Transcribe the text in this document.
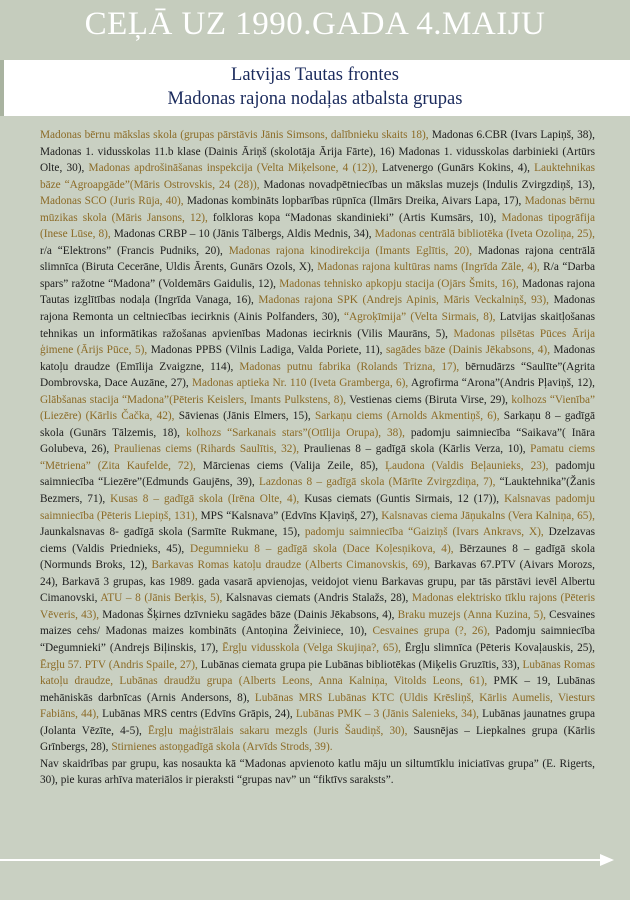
CEĻĀ UZ 1990.GADA 4.MAIJU
Latvijas Tautas frontes
Madonas rajona nodaļas atbalsta grupas

Madonas bērnu mākslas skola (grupas pārstāvis Jānis Simsons, dalībnieku skaits 18), Madonas 6.CBR (Ivars Lapiņš, 38), Madonas 1. vidusskolas 11.b klase (Dainis Āriņš (skolotāja Ārija Fārte), 16) Madonas 1. vidusskolas darbinieki (Artūrs Olte, 30), Madonas apdrošināšanas inspekcija (Velta Miķelsone, 4 (12)), Latvenergo (Gunārs Kokins, 4), Lauktehnikas bāze “Agroapgāde”(Māris Ostrovskis, 24 (28)), Madonas novadpētniecības un mākslas muzejs (Indulis Zvirgzdiņš, 13), Madonas SCO (Juris Rūja, 40), Madonas kombināts lopbarības rūpnīca (Ilmārs Dreika, Aivars Lapa, 17), Madonas bērnu mūzikas skola (Māris Jansons, 12), folkloras kopa “Madonas skandinieki” (Artis Kumsārs, 10), Madonas tipogrāfija (Inese Lūse, 8), Madonas CRBP – 10 (Jānis Tālbergs, Aldis Mednis, 34), Madonas centrālā bibliotēka (Iveta Ozoliņa, 25), r/a “Elektrons” (Francis Pudniks, 20), Madonas rajona kinodirekcija (Imants Eglītis, 20), Madonas rajona centrālā slimnīca (Biruta Cecerāne, Uldis Ārents, Gunārs Ozols, X), Madonas rajona kultūras nams (Ingrīda Zāle, 4), R/a “Darba spars” ražotne “Madona” (Voldemārs Gaidulis, 12), Madonas tehnisko apkopju stacija (Ojārs Šmits, 16), Madonas rajona Tautas izglītības nodaļa (Ingrīda Vanaga, 16), Madonas rajona SPK (Andrejs Apinis, Māris Veckalniņš, 93), Madonas rajona Remonta un celtniecības iecirknis (Ainis Polfanders, 30), “Agroķīmija” (Velta Sirmais, 8), Latvijas skaitļošanas tehnikas un informātikas ražošanas apvienības Madonas iecirknis (Vilis Maurāns, 5), Madonas pilsētas Pūces Ārija ģimene (Ārijs Pūce, 5), Madonas PPBS (Vilnis Ladiga, Valda Poriete, 11), sagādes bāze (Dainis Jēkabsons, 4), Madonas katoļu draudze (Emīlija Zvaigzne, 114), Madonas putnu fabrika (Rolands Trizna, 17), bērnudārzs “Saulīte”(Agrita Dombrovska, Dace Auzāne, 27), Madonas aptieka Nr. 110 (Iveta Gramberga, 6), Agrofirma “Arona”(Andris Pļaviņš, 12), Glābšanas stacija “Madona”(Pēteris Keislers, Imants Pulkstens, 8), Vestienas ciems (Biruta Virse, 29), kolhozs “Vienība” (Liezēre) (Kārlis Čačka, 42), Sāvienas (Jānis Elmers, 15), Sarkaņu ciems (Arnolds Akmentiņš, 6), Sarkaņu 8 – gadīgā skola (Gunārs Tālzemis, 18), kolhozs “Sarkanais stars”(Otīlija Orupa), 38), padomju saimniecība “Saikava”( Ināra Golubeva, 26), Praulienas ciems (Rihards Saulītis, 32), Praulienas 8 – gadīgā skola (Kārlis Verza, 10), Pamatu ciems “Mētriena” (Zita Kaufelde, 72), Mārcienas ciems (Valija Zeile, 85), Ļaudona (Valdis Beļaunieks, 23), padomju saimniecība “Liezēre”(Edmunds Gaujēns, 39), Lazdonas 8 – gadīgā skola (Mārīte Zvirgzdiņa, 7), “Lauktehnika”(Žanis Bezmers, 71), Kusas 8 – gadīgā skola (Irēna Olte, 4), Kusas ciemats (Guntis Sirmais, 12 (17)), Kalsnavas padomju saimniecība (Pēteris Liepiņš, 131), MPS “Kalsnava” (Edvīns Kļaviņš, 27), Kalsnavas ciema Jāņukalns (Vera Kalniņa, 65), Jaunkalsnavas 8- gadīgā skola (Sarmīte Rukmane, 15), padomju saimniecība “Gaiziņš (Ivars Ankravs, X), Dzelzavas ciems (Valdis Priednieks, 45), Degumnieku 8 – gadīgā skola (Dace Koļesņikova, 4), Bērzaunes 8 – gadīgā skola (Normunds Broks, 12), Barkavas Romas katoļu draudze (Alberts Cimanovskis, 69), Barkavas 67.PTV (Aivars Morozs, 24), Barkavā 3 grupas, kas 1989. gada vasarā apvienojas, veidojot vienu Barkavas grupu, par tās pārstāvi ievēl Albertu Cimanovski, ATU – 8 (Jānis Berķis, 5), Kalsnavas ciemats (Andris Stalažs, 28), Madonas elektrisko tīklu rajons (Pēteris Vēveris, 43), Madonas Šķirnes dzīvnieku sagādes bāze (Dainis Jēkabsons, 4), Braku muzejs (Anna Kuzina, 5), Cesvaines maizes cehs/ Madonas maizes kombināts (Antoņina Žeiviniece, 10), Cesvaines grupa (?, 26), Padomju saimniecība “Degumnieki” (Andrejs Biļinskis, 17), Ērgļu vidusskola (Velga Skujiņa?, 65), Ērgļu slimnīca (Pēteris Kovaļauskis, 25), Ērgļu 57. PTV (Andris Spaile, 27), Lubānas ciemata grupa pie Lubānas bibliotēkas (Miķelis Gruzītis, 33), Lubānas Romas katoļu draudze, Lubānas draudžu grupa (Alberts Leons, Anna Kalniņa, Vitolds Leons, 61), PMK – 19, Lubānas mehāniskās darbnīcas (Arnis Andersons, 8), Lubānas MRS Lubānas KTC (Uldis Krēsliņš, Kārlis Aumelis, Viesturs Fabiāns, 44), Lubānas MRS centrs (Edvīns Grāpis, 24), Lubānas PMK – 3 (Jānis Salenieks, 34), Lubānas jaunatnes grupa (Jolanta Vēzīte, 4-5), Ērgļu maģistrālais sakaru mezgls (Juris Šaudiņš, 30), Sausnējas – Liepkalnes grupa (Kārlis Grīnbergs, 28), Stirnienes astoņgadīgā skola (Arvīds Strods, 39).

Nav skaidrības par grupu, kas nosaukta kā “Madonas apvienoto katlu māju un siltumtīklu iniciatīvas grupa” (E. Rigerts, 30), pie kuras arhīva materiālos ir pieraksti “grupas nav” un “fiktīvs saraksts”.
